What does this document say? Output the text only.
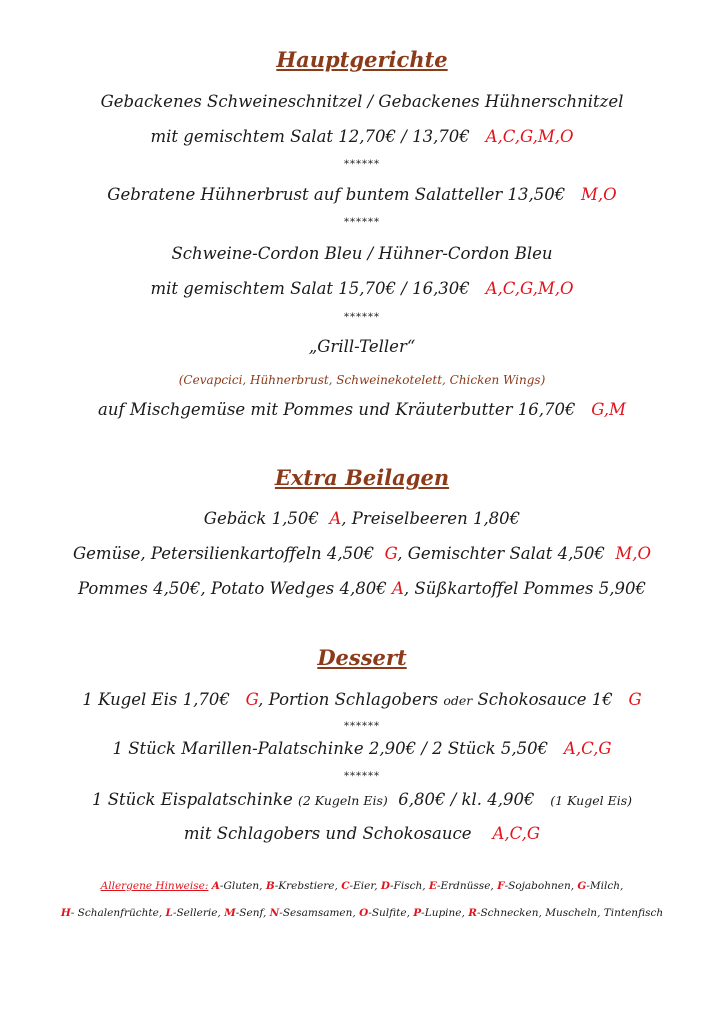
Hauptgerichte
Gebackenes Schweineschnitzel / Gebackenes Hühnerschnitzel
mit gemischtem Salat 12,70€ / 13,70€ A,C,G,M,O
******
Gebratene Hühnerbrust auf buntem Salatteller 13,50€ M,O
******
Schweine-Cordon Bleu / Hühner-Cordon Bleu
mit gemischtem Salat 15,70€ / 16,30€ A,C,G,M,O
******
„Grill-Teller“
(Cevapcici, Hühnerbrust, Schweinekotelett, Chicken Wings)
auf Mischgemüse mit Pommes und Kräuterbutter 16,70€ G,M
Extra Beilagen
Gebäck 1,50€ A, Preiselbeeren 1,80€
Gemüse, Petersilienkartoffeln 4,50€ G, Gemischter Salat 4,50€ M,O
Pommes 4,50€, Potato Wedges 4,80€ A, Süßkartoffel Pommes 5,90€
Dessert
1 Kugel Eis 1,70€ G, Portion Schlagobers oder Schokosauce 1€ G
******
1 Stück Marillen-Palatschinke 2,90€ / 2 Stück 5,50€ A,C,G
******
1 Stück Eispalatschinke (2 Kugeln Eis) 6,80€ / kl. 4,90€ (1 Kugel Eis)
mit Schlagobers und Schokosauce A,C,G
Allergene Hinweise: A-Gluten, B-Krebstiere, C-Eier, D-Fisch, E-Erdnüsse, F-Sojabohnen, G-Milch,
H- Schalenfrüchte, L-Sellerie, M-Senf, N-Sesamsamen, O-Sulfite, P-Lupine, R-Schnecken, Muscheln, Tintenfisch
